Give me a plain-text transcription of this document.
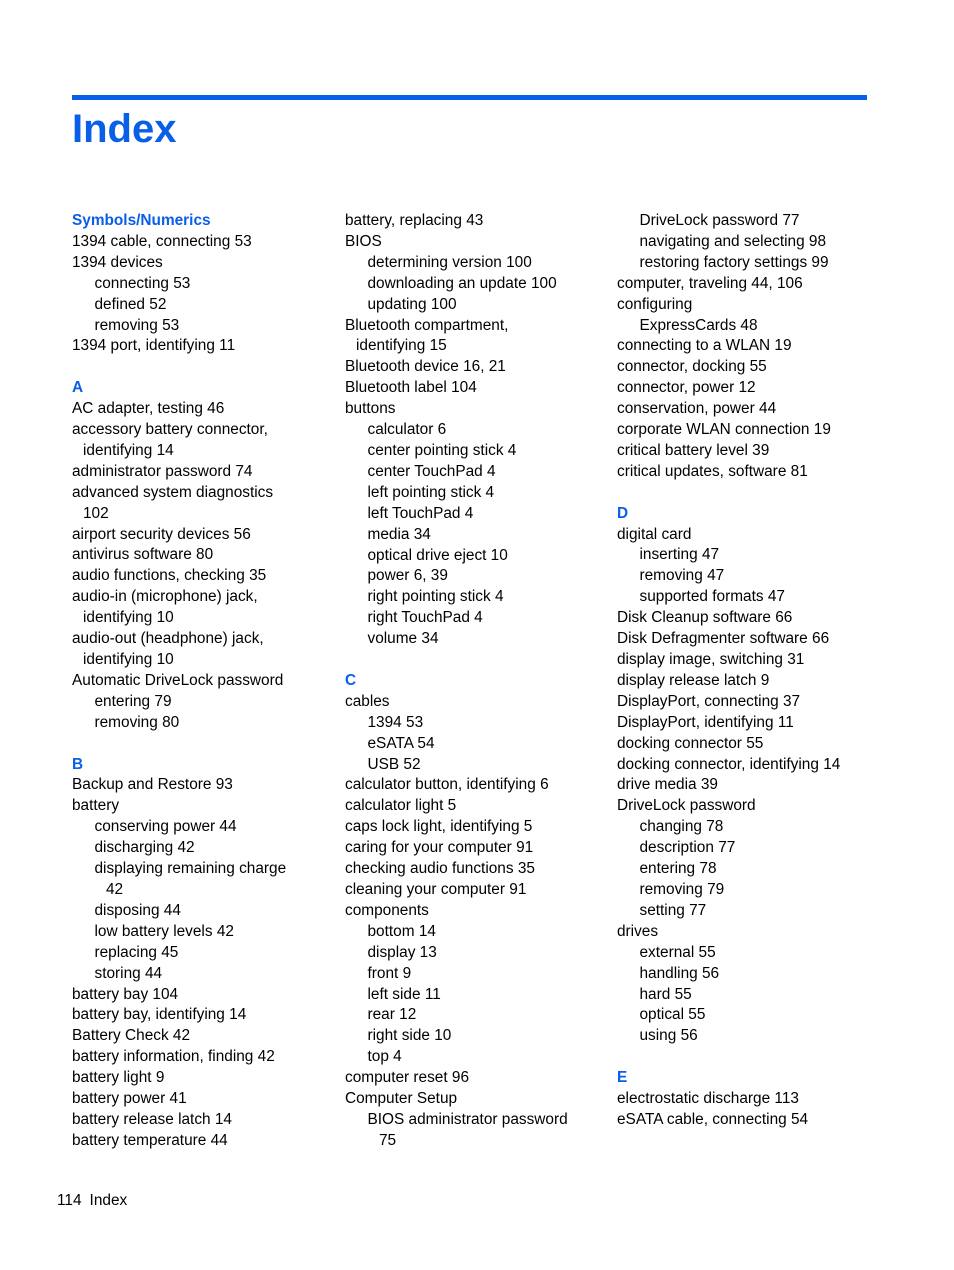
Index
Symbols/Numerics
1394 cable, connecting 53
1394 devices
connecting 53
defined 52
removing 53
1394 port, identifying 11
A
AC adapter, testing 46
accessory battery connector,
identifying 14
administrator password 74
advanced system diagnostics
102
airport security devices 56
antivirus software 80
audio functions, checking 35
audio-in (microphone) jack,
identifying 10
audio-out (headphone) jack,
identifying 10
Automatic DriveLock password
entering 79
removing 80
B
Backup and Restore 93
battery
conserving power 44
discharging 42
displaying remaining charge
42
disposing 44
low battery levels 42
replacing 45
storing 44
battery bay 104
battery bay, identifying 14
Battery Check 42
battery information, finding 42
battery light 9
battery power 41
battery release latch 14
battery temperature 44
battery, replacing 43
BIOS
determining version 100
downloading an update 100
updating 100
Bluetooth compartment,
identifying 15
Bluetooth device 16, 21
Bluetooth label 104
buttons
calculator 6
center pointing stick 4
center TouchPad 4
left pointing stick 4
left TouchPad 4
media 34
optical drive eject 10
power 6, 39
right pointing stick 4
right TouchPad 4
volume 34
C
cables
1394 53
eSATA 54
USB 52
calculator button, identifying 6
calculator light 5
caps lock light, identifying 5
caring for your computer 91
checking audio functions 35
cleaning your computer 91
components
bottom 14
display 13
front 9
left side 11
rear 12
right side 10
top 4
computer reset 96
Computer Setup
BIOS administrator password
75
DriveLock password 77
navigating and selecting 98
restoring factory settings 99
computer, traveling 44, 106
configuring
ExpressCards 48
connecting to a WLAN 19
connector, docking 55
connector, power 12
conservation, power 44
corporate WLAN connection 19
critical battery level 39
critical updates, software 81
D
digital card
inserting 47
removing 47
supported formats 47
Disk Cleanup software 66
Disk Defragmenter software 66
display image, switching 31
display release latch 9
DisplayPort, connecting 37
DisplayPort, identifying 11
docking connector 55
docking connector, identifying 14
drive media 39
DriveLock password
changing 78
description 77
entering 78
removing 79
setting 77
drives
external 55
handling 56
hard 55
optical 55
using 56
E
electrostatic discharge 113
eSATA cable, connecting 54
114 Index
